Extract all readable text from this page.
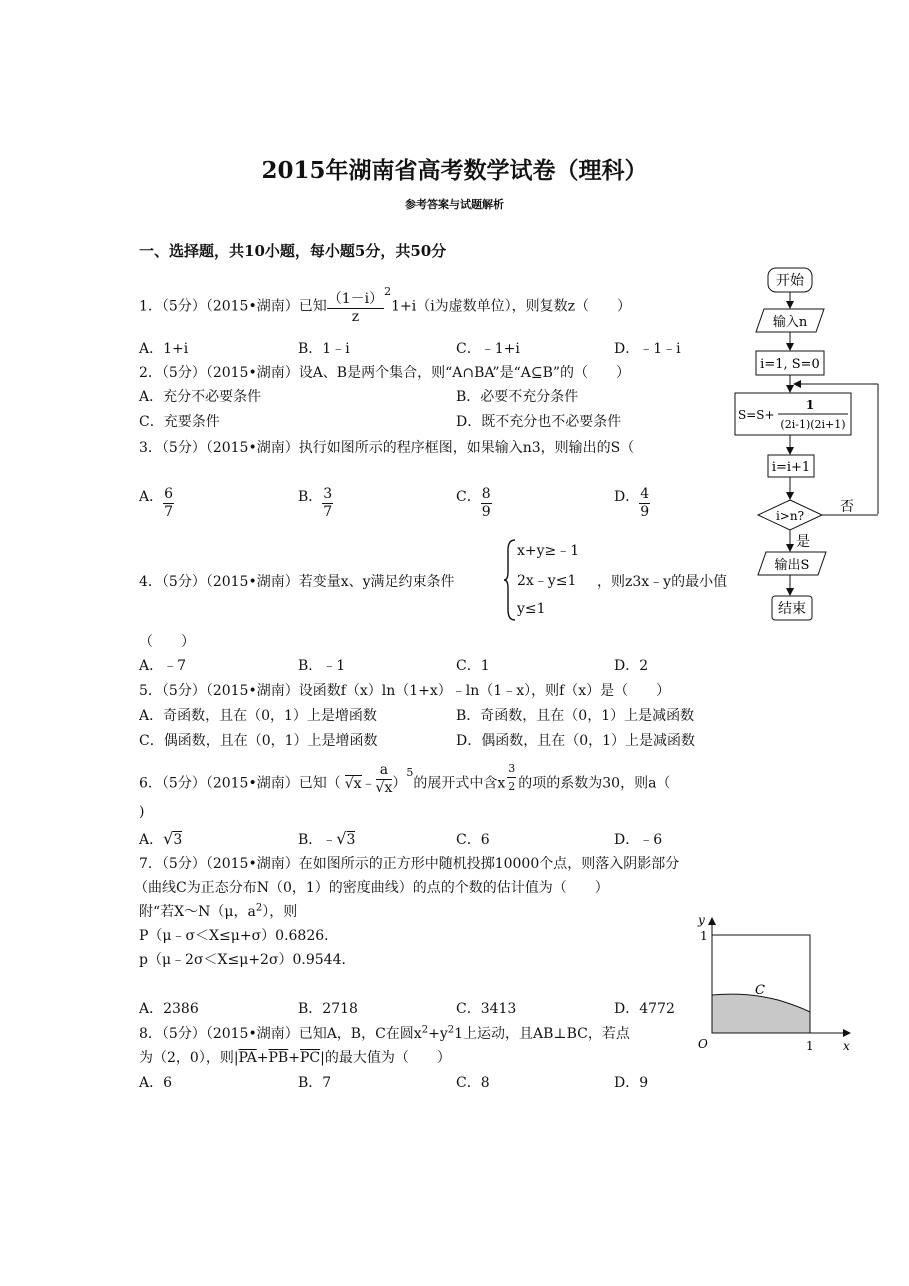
2015年湖南省高考数学试卷（理科）
参考答案与试题解析
一、选择题，共10小题，每小题5分，共50分
1．（5分）（2015•湖南）已知 $\frac{(1-i)}{z} ^21+i(i$为虚数单位），则复数z（　　）
A．1+i	B．1﹣i	C．﹣1+i	D．﹣1﹣i
2．（5分）（2015•湖南）设A、B是两个集合，则“A∩BA”是“A⊆B”的（　　）
A．充分不必要条件	B．必要不充分条件
C．充要条件	D．既不充分也不必要条件
3．（5分）（2015•湖南）执行如图所示的程序框图，如果输入n3，则输出的S（
A． $\frac{6}{7}$	B． $\frac{3}{7}$	C． $\frac{8}{9}$	D． $\frac{4}{9}$
4．（5分）（2015•湖南）若变量x、y满足约束条件
x+y≥﹣1
2x﹣y≤1
y≤1
，则z3x﹣y的最小值
（　　）
A．﹣7	B．﹣1	C．1	D．2
5．（5分）（2015•湖南）设函数f（x）ln（1+x）﹣ln（1﹣x），则f（x）是（　　）
A．奇函数，且在（0，1）上是增函数	B．奇函数，且在（0，1）上是减函数
C．偶函数，且在（0，1）上是增函数	D．偶函数，且在（0，1）上是减函数
6．（5分）（2015•湖南）已知（ √x﹣ $\frac{a}{√x} )^5$的展开式中含x $\frac{3}{2}$ 的项的系数为30，则a（
)
A．√3	B．﹣√3	C．6	D．﹣6
7．（5分）（2015•湖南）在如图所示的正方形中随机投掷10000个点，则落入阴影部分
（曲线C为正态分布N（0，1）的密度曲线）的点的个数的估计值为（　　）
附“若X～N（μ，$a^2$），则
P（μ﹣σ＜X≤μ+σ）0.6826．
p（μ﹣2σ＜X≤μ+2σ）0.9544．
A．2386	B．2718	C．3413	D．4772
8．（5分）（2015•湖南）已知A，B，C在圆$x^2+y^21$上运动，且AB⊥BC，若点
为（2，0），则$|\overline{PA}+\overline{PB}+\overline{PC}|$的最大值为（　　）
A．6	B．7	C．8	D．9
开始
输入n
i=1, S=0
S=S+
1
(2i-1)(2i+1)
i=i+1
i>n?
否
是
输出S
结束
y
x
O	1
1
C
